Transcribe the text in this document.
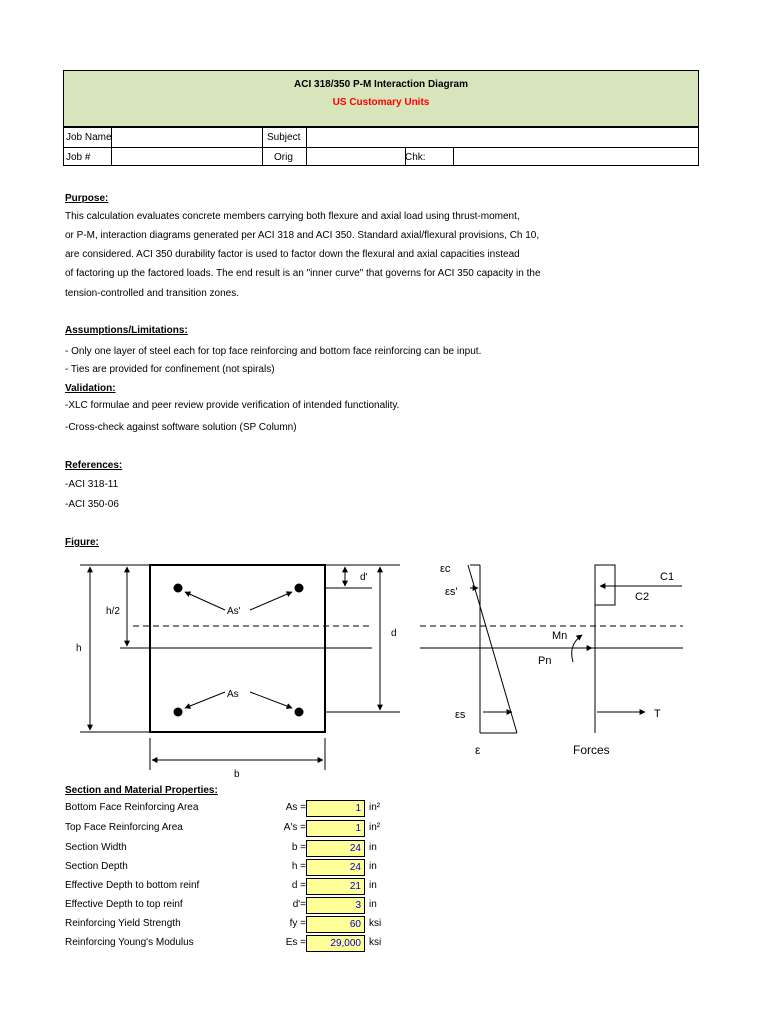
ACI 318/350 P-M Interaction Diagram
US Customary Units
Job Name	Subject
Job #	Orig	Chk:
Purpose:
This calculation evaluates concrete members carrying both flexure and axial load using thrust-moment,
or P-M, interaction diagrams generated per ACI 318 and ACI 350. Standard axial/flexural provisions, Ch 10,
are considered. ACI 350 durability factor is used to factor down the flexural and axial capacities instead
of factoring up the factored loads. The end result is an "inner curve" that governs for ACI 350 capacity in the
tension-controlled and transition zones.
Assumptions/Limitations:
- Only one layer of steel each for top face reinforcing and bottom face reinforcing can be input.
- Ties are provided for confinement (not spirals)
Validation:
-XLC formulae and peer review provide verification of intended functionality.
-Cross-check against software solution (SP Column)
References:
-ACI 318-11
-ACI 350-06
Figure:
h/2
h
d
d'
b
As'
As
εc
εs'
εs
ε
C1
C2
Mn
Pn
T
Forces
Section and Material Properties:
Bottom Face Reinforcing Area	As =	1 in²
Top Face Reinforcing Area	A's =	1 in²
Section Width	b =	24 in
Section Depth	h =	24 in
Effective Depth to bottom reinf	d =	21 in
Effective Depth to top reinf	d'=	3 in
Reinforcing Yield Strength	fy =	60 ksi
Reinforcing Young's Modulus	Es =	29,000 ksi
